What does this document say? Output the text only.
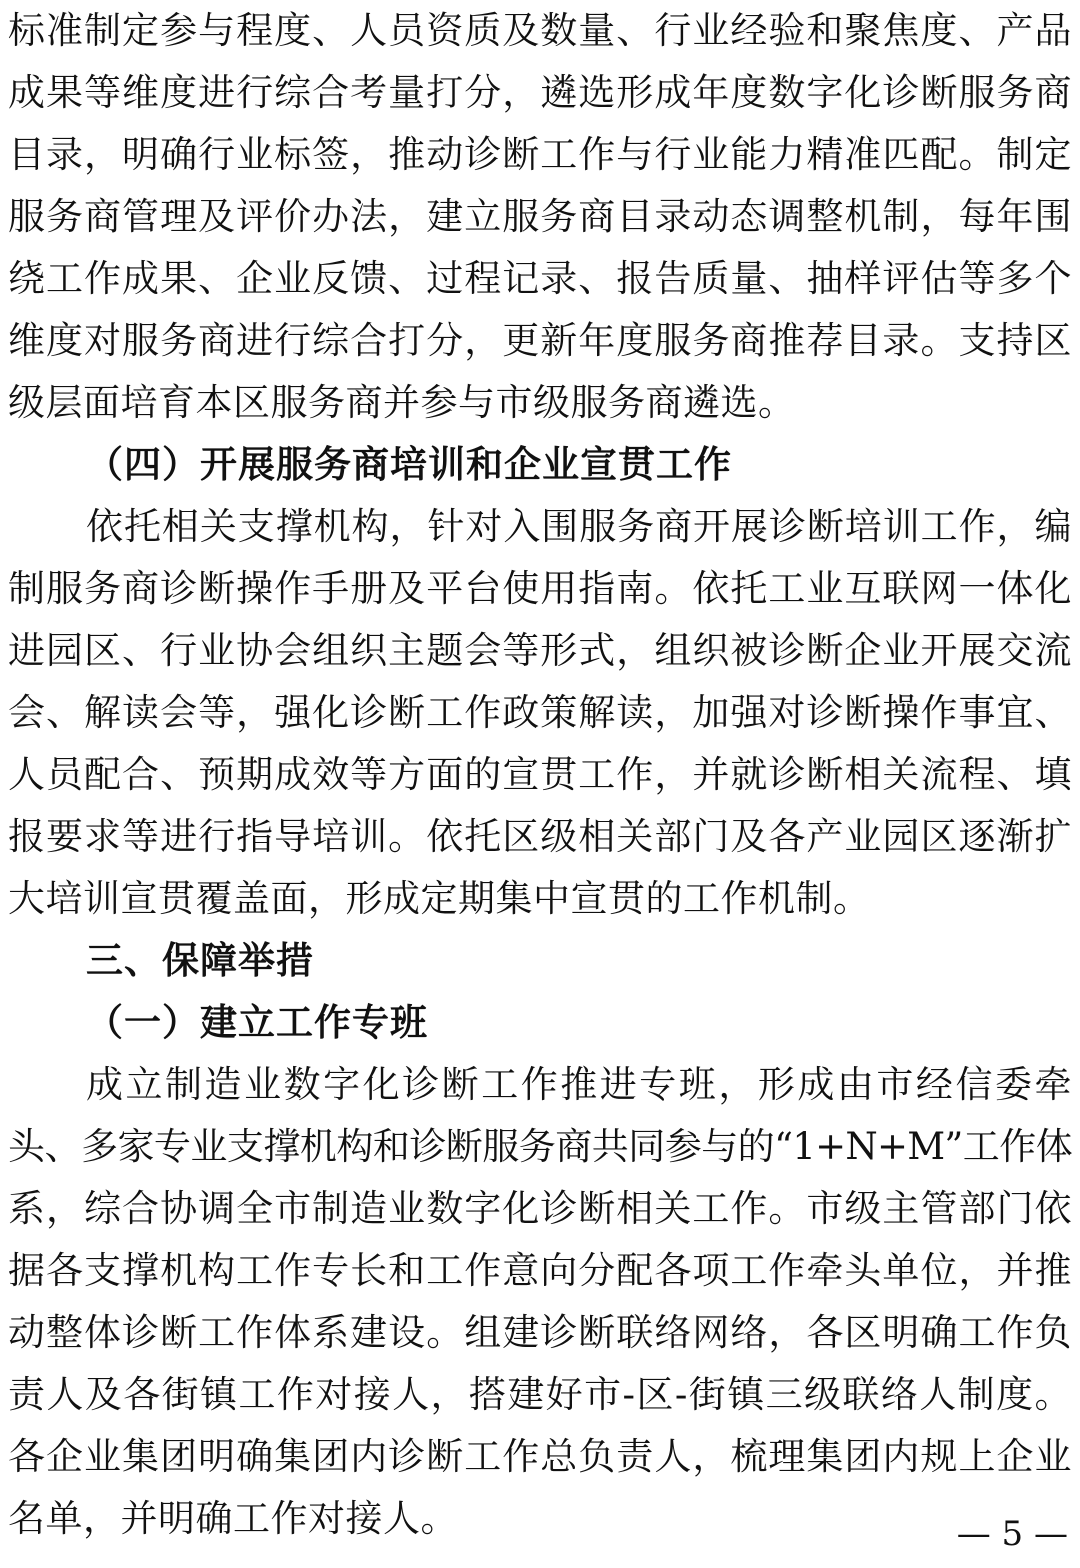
标准制定参与程度、人员资质及数量、行业经验和聚焦度、产品
成果等维度进行综合考量打分，遴选形成年度数字化诊断服务商
目录，明确行业标签，推动诊断工作与行业能力精准匹配。制定
服务商管理及评价办法，建立服务商目录动态调整机制，每年围
绕工作成果、企业反馈、过程记录、报告质量、抽样评估等多个
维度对服务商进行综合打分，更新年度服务商推荐目录。支持区
级层面培育本区服务商并参与市级服务商遴选。
（四）开展服务商培训和企业宣贯工作
依托相关支撑机构，针对入围服务商开展诊断培训工作，编
制服务商诊断操作手册及平台使用指南。依托工业互联网一体化
进园区、行业协会组织主题会等形式，组织被诊断企业开展交流
会、解读会等，强化诊断工作政策解读，加强对诊断操作事宜、
人员配合、预期成效等方面的宣贯工作，并就诊断相关流程、填
报要求等进行指导培训。依托区级相关部门及各产业园区逐渐扩
大培训宣贯覆盖面，形成定期集中宣贯的工作机制。
三、保障举措
（一）建立工作专班
成立制造业数字化诊断工作推进专班，形成由市经信委牵
头、多家专业支撑机构和诊断服务商共同参与的“1+N+M”工作体
系，综合协调全市制造业数字化诊断相关工作。市级主管部门依
据各支撑机构工作专长和工作意向分配各项工作牵头单位，并推
动整体诊断工作体系建设。组建诊断联络网络，各区明确工作负
责人及各街镇工作对接人，搭建好市-区-街镇三级联络人制度。
各企业集团明确集团内诊断工作总负责人，梳理集团内规上企业
名单，并明确工作对接人。	— 5 —
